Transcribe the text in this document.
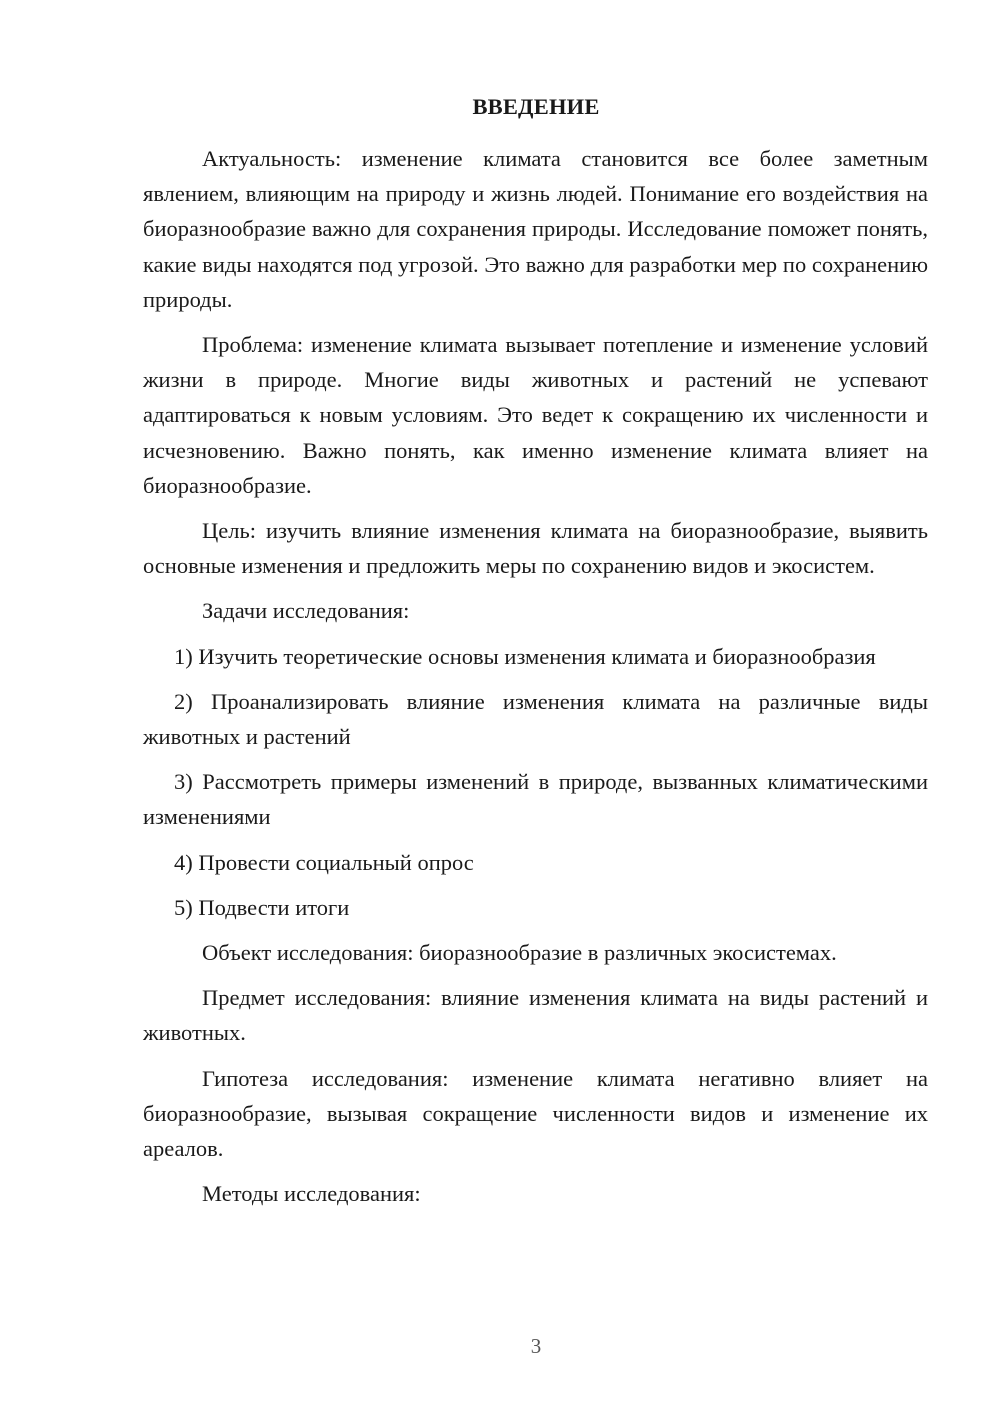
ВВЕДЕНИЕ

Актуальность: изменение климата становится все более заметным явлением, влияющим на природу и жизнь людей. Понимание его воздействия на биоразнообразие важно для сохранения природы. Исследование поможет понять, какие виды находятся под угрозой. Это важно для разработки мер по сохранению природы.

Проблема: изменение климата вызывает потепление и изменение условий жизни в природе. Многие виды животных и растений не успевают адаптироваться к новым условиям. Это ведет к сокращению их численности и исчезновению. Важно понять, как именно изменение климата влияет на биоразнообразие.

Цель: изучить влияние изменения климата на биоразнообразие, выявить основные изменения и предложить меры по сохранению видов и экосистем.

Задачи исследования:

1) Изучить теоретические основы изменения климата и биоразнообразия

2) Проанализировать влияние изменения климата на различные виды животных и растений

3) Рассмотреть примеры изменений в природе, вызванных климатическими изменениями

4) Провести социальный опрос

5) Подвести итоги

Объект исследования: биоразнообразие в различных экосистемах.

Предмет исследования: влияние изменения климата на виды растений и животных.

Гипотеза исследования: изменение климата негативно влияет на биоразнообразие, вызывая сокращение численности видов и изменение их ареалов.

Методы исследования:

3
